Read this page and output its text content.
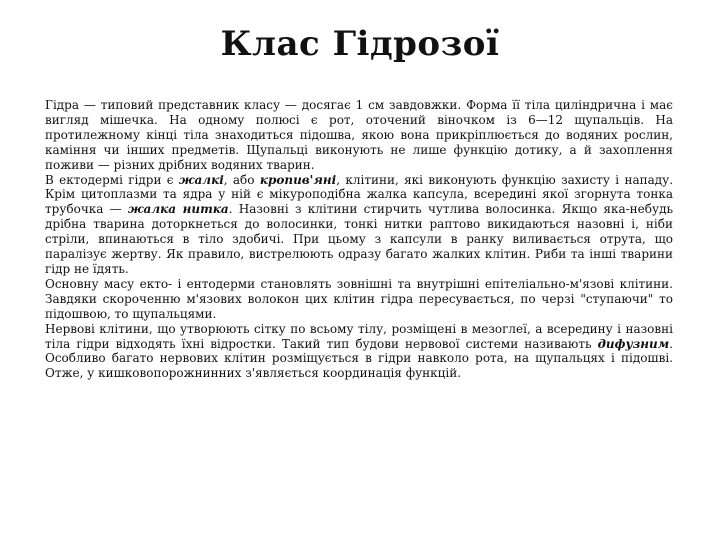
Клас Гідрозої

Гідра — типовий представник класу — досягає 1 см завдовжки. Форма її тіла циліндрична і має вигляд мішечка. На одному полюсі є рот, оточений віночком із 6—12 щупальців. На протилежному кінці тіла знаходиться підошва, якою вона прикріплюється до водяних рослин, каміння чи інших предметів. Щупальці виконують не лише функцію дотику, а й захоплення поживи — різних дрібних водяних тварин.

В ектодермі гідри є жалкі, або кропив'яні, клітини, які виконують функцію захисту і нападу. Крім цитоплазми та ядра у ній є мікуроподібна жалка капсула, всередині якої згорнута тонка трубочка — жалка нитка. Назовні з клітини стирчить чутлива волосинка. Якщо яка-небудь дрібна тварина доторкнеться до волосинки, тонкі нитки раптово викидаються назовні і, ніби стріли, впинаються в тіло здобичі. При цьому з капсули в ранку виливається отрута, що паралізує жертву. Як правило, вистрелюють одразу багато жалких клітин. Риби та інші тварини гідр не їдять.

Основну масу екто- і ентодерми становлять зовнішні та внутрішні епітеліально-м'язові клітини. Завдяки скороченню м'язових волокон цих клітин гідра пересувається, по черзі "ступаючи" то підошвою, то щупальцями.

Нервові клітини, що утворюють сітку по всьому тілу, розміщені в мезоглеї, а всередину і назовні тіла гідри відходять їхні відростки. Такий тип будови нервової системи називають дифузним. Особливо багато нервових клітин розміщується в гідри навколо рота, на щупальцях і підошві. Отже, у кишковопорожнинних з'являється координація функцій.
